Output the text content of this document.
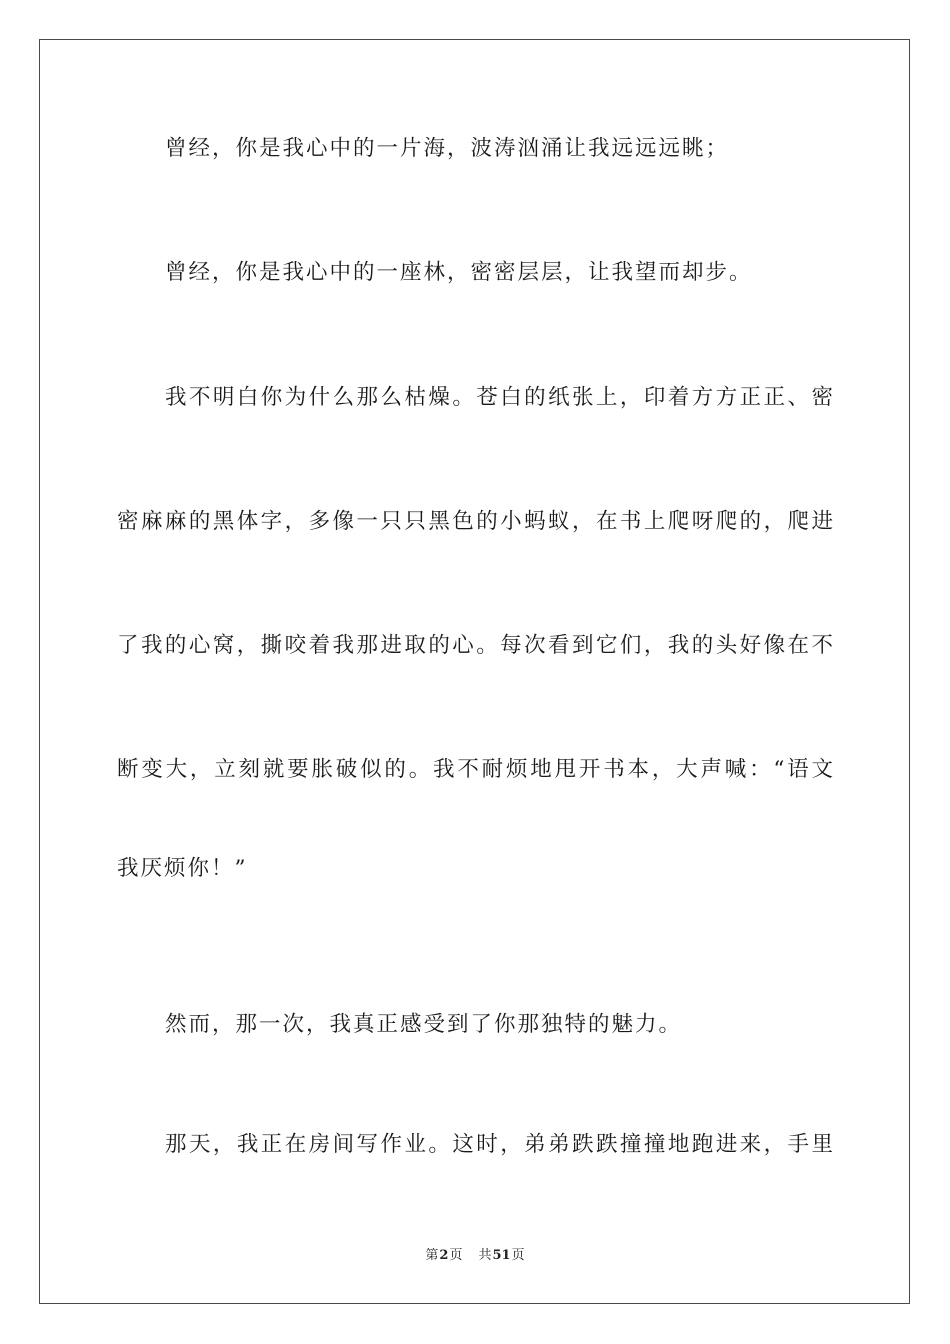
曾经，你是我心中的一片海，波涛汹涌让我远远远眺；
曾经，你是我心中的一座林，密密层层，让我望而却步。
我不明白你为什么那么枯燥。苍白的纸张上，印着方方正正、密
密麻麻的黑体字，多像一只只黑色的小蚂蚁，在书上爬呀爬的，爬进
了我的心窝，撕咬着我那进取的心。每次看到它们，我的头好像在不
断变大，立刻就要胀破似的。我不耐烦地甩开书本，大声喊：“语文
我厌烦你！”
然而，那一次，我真正感受到了你那独特的魅力。
那天，我正在房间写作业。这时，弟弟跌跌撞撞地跑进来，手里
第2页 共51页
